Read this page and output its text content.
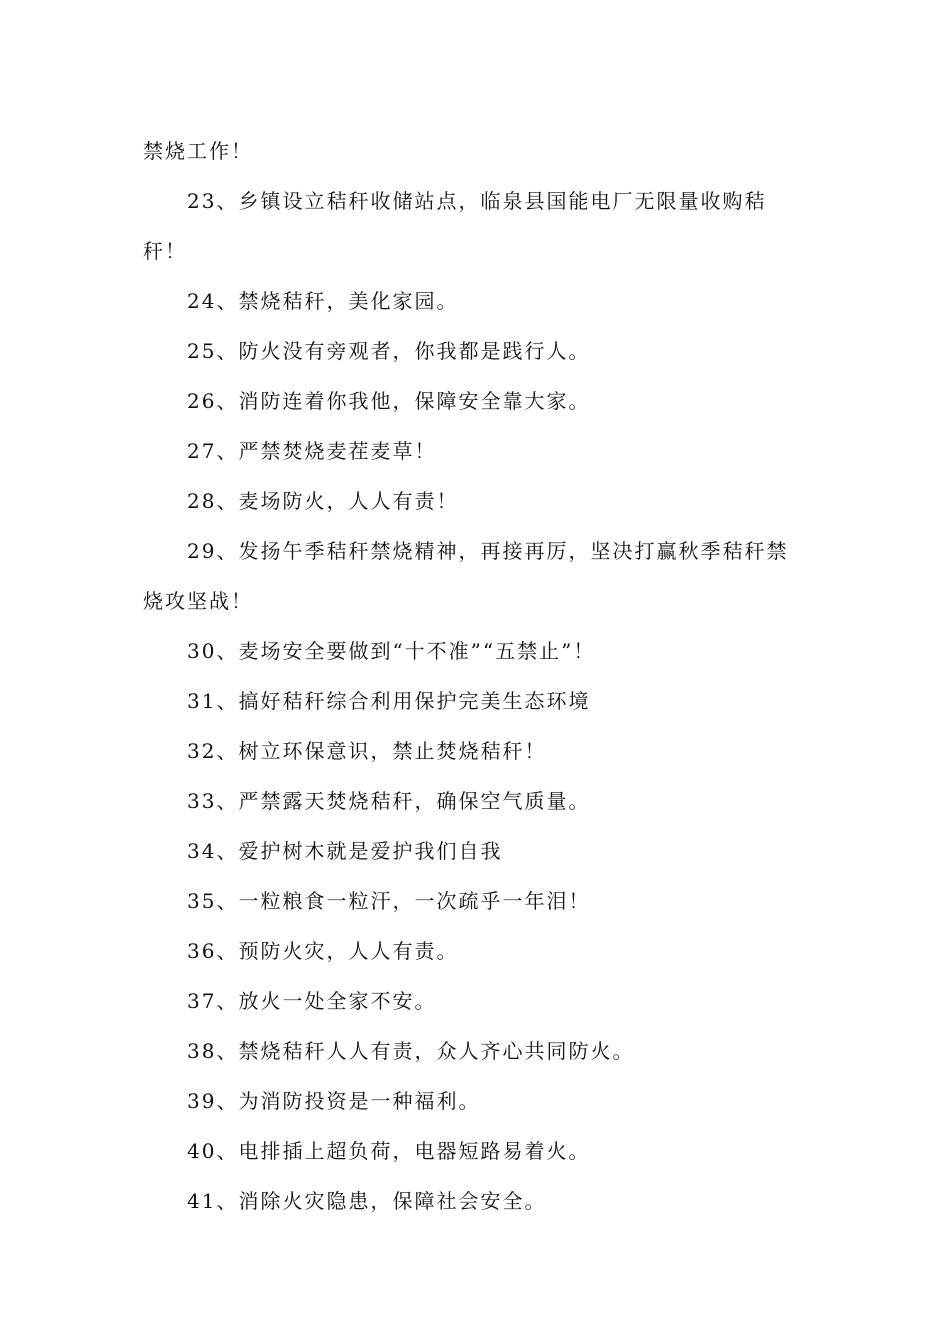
禁烧工作！
23、乡镇设立秸秆收储站点，临泉县国能电厂无限量收购秸
秆！
24、禁烧秸秆，美化家园。
25、防火没有旁观者，你我都是践行人。
26、消防连着你我他，保障安全靠大家。
27、严禁焚烧麦茬麦草！
28、麦场防火，人人有责！
29、发扬午季秸秆禁烧精神，再接再厉，坚决打赢秋季秸秆禁
烧攻坚战！
30、麦场安全要做到“十不准”“五禁止”！
31、搞好秸秆综合利用保护完美生态环境
32、树立环保意识，禁止焚烧秸秆！
33、严禁露天焚烧秸秆，确保空气质量。
34、爱护树木就是爱护我们自我
35、一粒粮食一粒汗，一次疏乎一年泪！
36、预防火灾，人人有责。
37、放火一处全家不安。
38、禁烧秸秆人人有责，众人齐心共同防火。
39、为消防投资是一种福利。
40、电排插上超负荷，电器短路易着火。
41、消除火灾隐患，保障社会安全。
